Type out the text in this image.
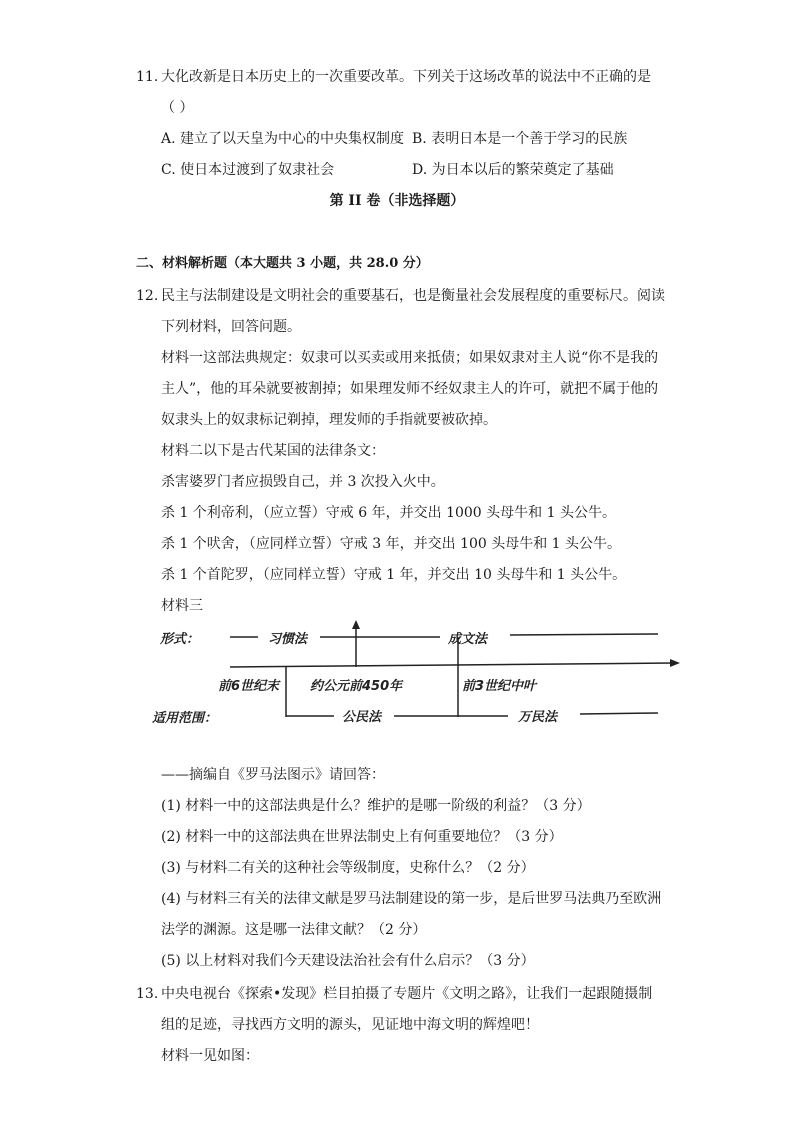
11. 大化改新是日本历史上的一次重要改革。下列关于这场改革的说法中不正确的是
（ ）
A. 建立了以天皇为中心的中央集权制度 B. 表明日本是一个善于学习的民族
C. 使日本过渡到了奴隶社会	D. 为日本以后的繁荣奠定了基础
第 II 卷（非选择题）
二、材料解析题（本大题共 3 小题，共 28.0 分）
12. 民主与法制建设是文明社会的重要基石，也是衡量社会发展程度的重要标尺。阅读
下列材料，回答问题。
材料一这部法典规定：奴隶可以买卖或用来抵债；如果奴隶对主人说“你不是我的
主人”，他的耳朵就要被割掉；如果理发师不经奴隶主人的许可，就把不属于他的
奴隶头上的奴隶标记剃掉，理发师的手指就要被砍掉。
材料二以下是古代某国的法律条文：
杀害婆罗门者应损毁自己，并 3 次投入火中。
杀 1 个利帝利，（应立誓）守戒 6 年，并交出 1000 头母牛和 1 头公牛。
杀 1 个吠舍，（应同样立誓）守戒 3 年，并交出 100 头母牛和 1 头公牛。
杀 1 个首陀罗，（应同样立誓）守戒 1 年，并交出 10 头母牛和 1 头公牛。
材料三
形式：	习惯法	成文法
前6世纪末 约公元前450年	前3世纪中叶
适用范围：	公民法	万民法
——摘编自《罗马法图示》请回答：
(1) 材料一中的这部法典是什么？维护的是哪一阶级的利益？（3 分）
(2) 材料一中的这部法典在世界法制史上有何重要地位？（3 分）
(3) 与材料二有关的这种社会等级制度，史称什么？（2 分）
(4) 与材料三有关的法律文献是罗马法制建设的第一步，是后世罗马法典乃至欧洲
法学的渊源。这是哪一法律文献？（2 分）
(5) 以上材料对我们今天建设法治社会有什么启示？（3 分）
13. 中央电视台《探索•发现》栏目拍摄了专题片《文明之路》，让我们一起跟随摄制
组的足迹，寻找西方文明的源头，见证地中海文明的辉煌吧！
材料一见如图：
